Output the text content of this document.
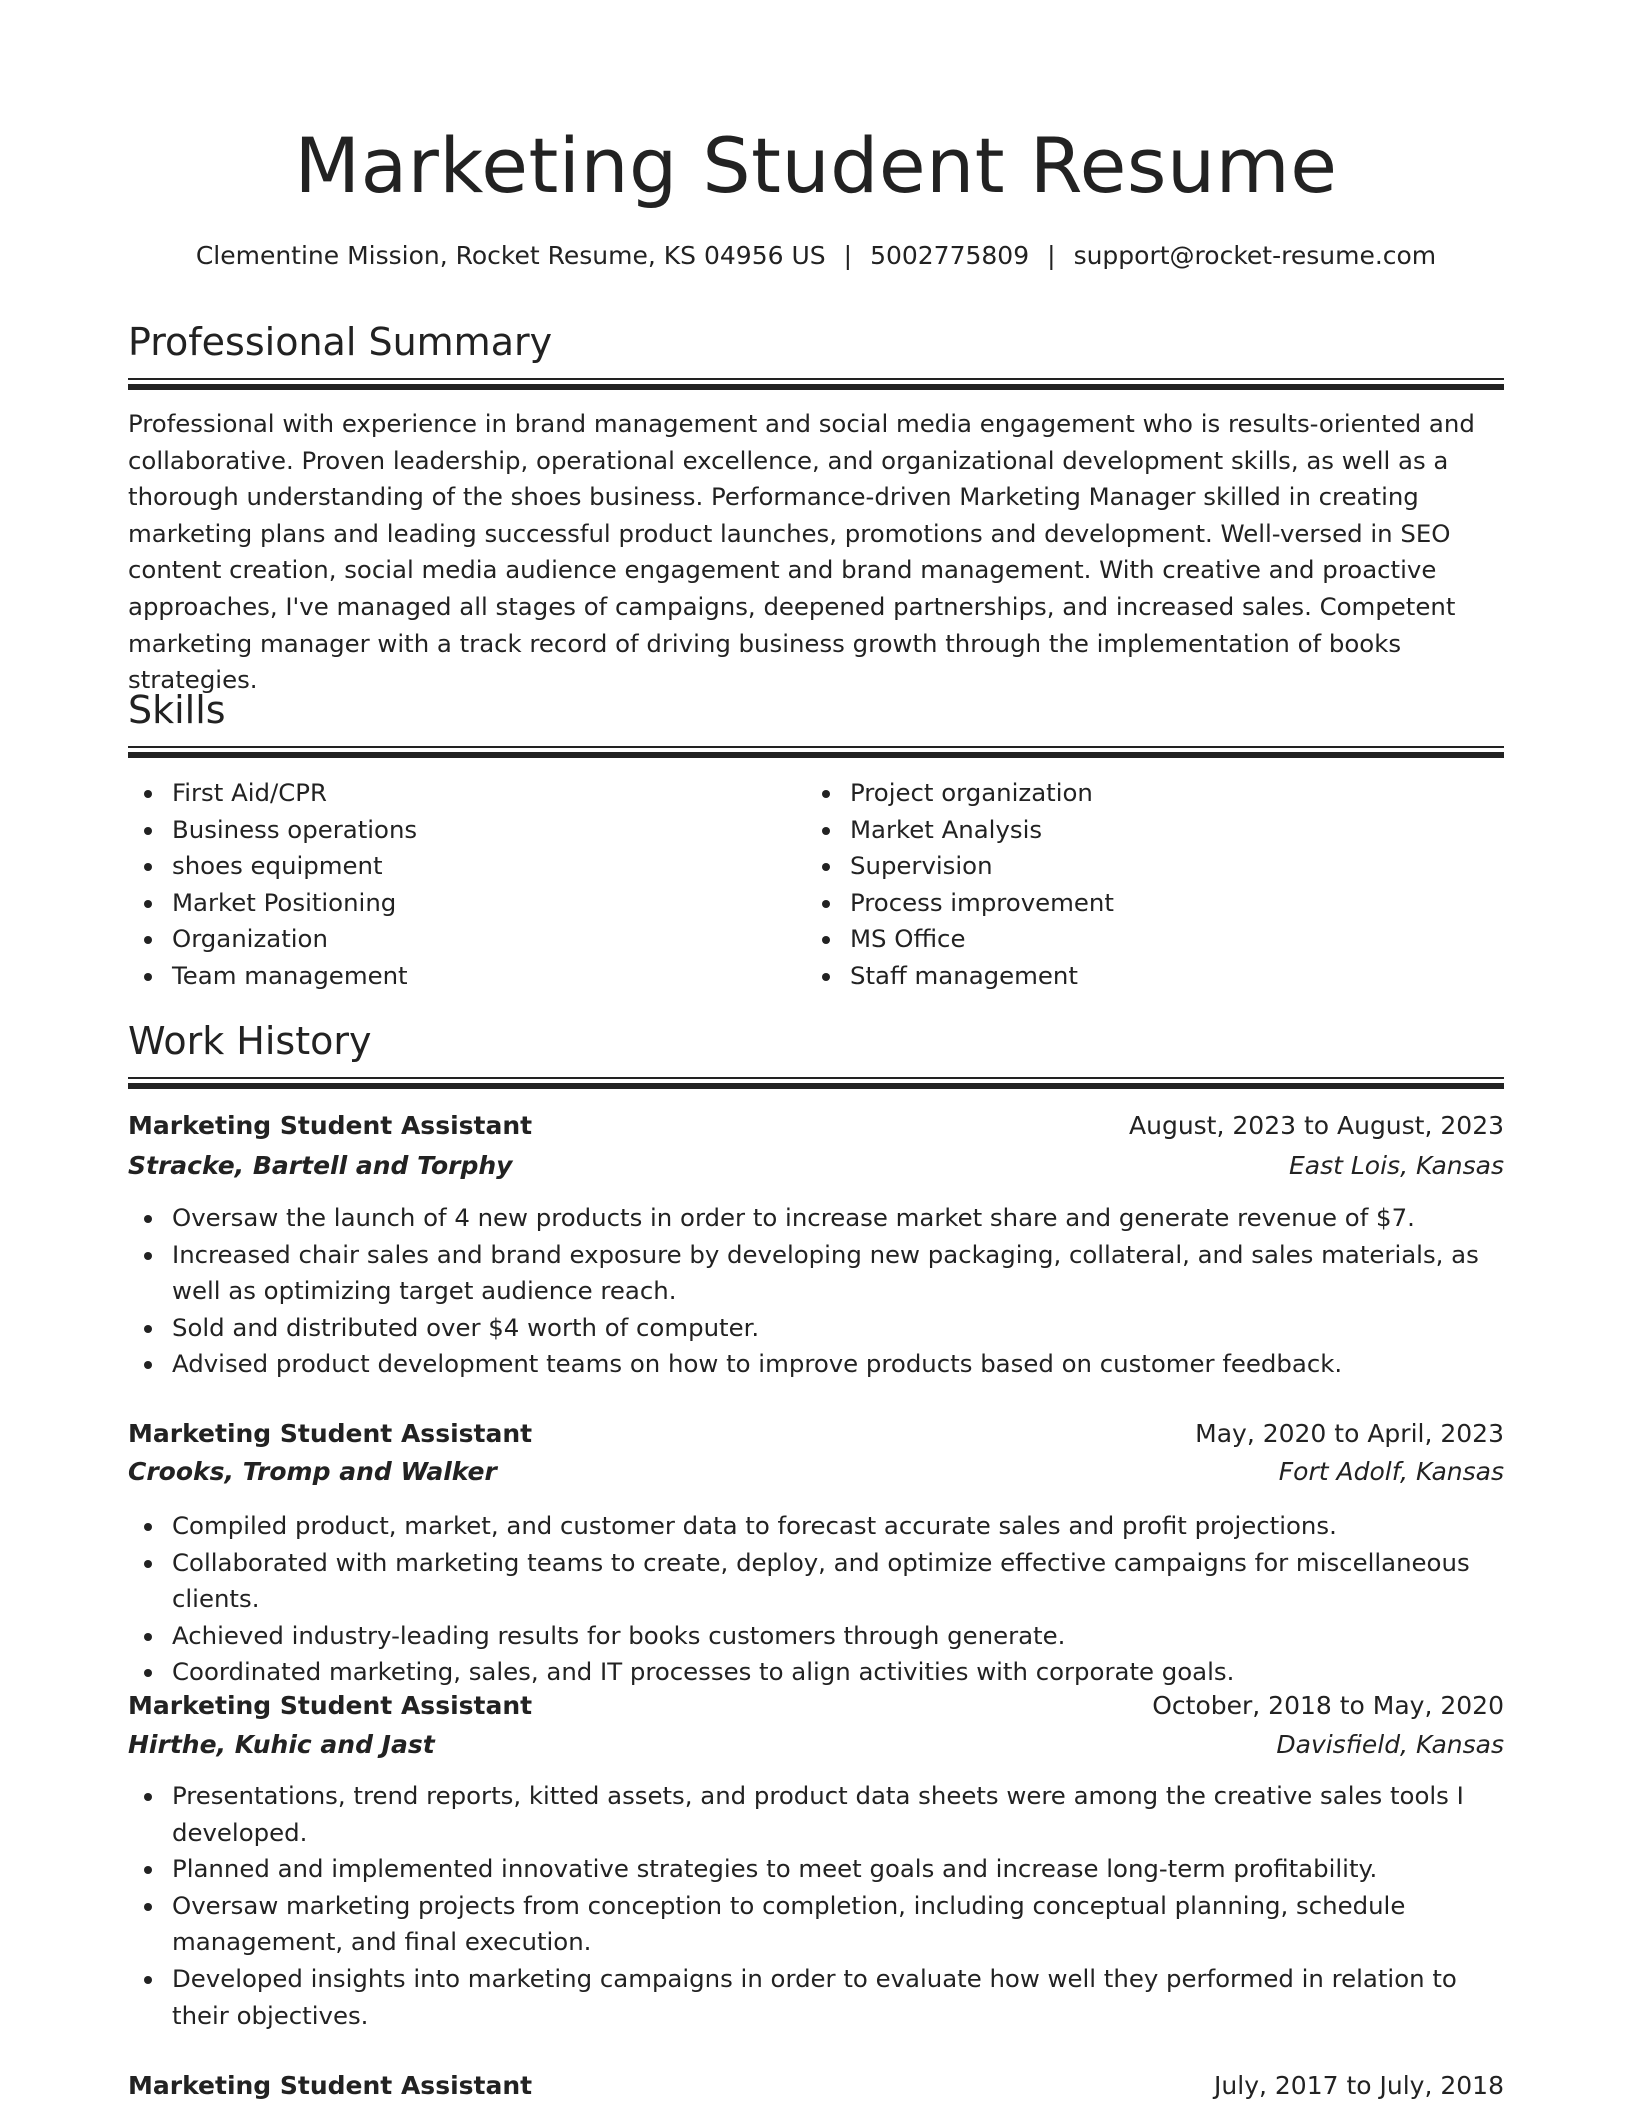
Marketing Student Resume
Clementine Mission, Rocket Resume, KS 04956 US | 5002775809 | support@rocket-resume.com
Professional Summary

Professional with experience in brand management and social media engagement who is results-oriented and collaborative. Proven leadership, operational excellence, and organizational development skills, as well as a thorough understanding of the shoes business. Performance-driven Marketing Manager skilled in creating marketing plans and leading successful product launches, promotions and development. Well-versed in SEO content creation, social media audience engagement and brand management. With creative and proactive approaches, I've managed all stages of campaigns, deepened partnerships, and increased sales. Competent marketing manager with a track record of driving business growth through the implementation of books strategies.

Skills
First Aid/CPR
Business operations
shoes equipment
Market Positioning
Organization
Team management
Project organization
Market Analysis
Supervision
Process improvement
MS Office
Staff management
Work History
Marketing Student Assistant	August, 2023 to August, 2023
Stracke, Bartell and Torphy	East Lois, Kansas
Oversaw the launch of 4 new products in order to increase market share and generate revenue of $7.
Increased chair sales and brand exposure by developing new packaging, collateral, and sales materials, as well as optimizing target audience reach.
Sold and distributed over $4 worth of computer.
Advised product development teams on how to improve products based on customer feedback.
Marketing Student Assistant	May, 2020 to April, 2023
Crooks, Tromp and Walker	Fort Adolf, Kansas
Compiled product, market, and customer data to forecast accurate sales and profit projections.
Collaborated with marketing teams to create, deploy, and optimize effective campaigns for miscellaneous clients.
Achieved industry-leading results for books customers through generate.
Coordinated marketing, sales, and IT processes to align activities with corporate goals.
Marketing Student Assistant	October, 2018 to May, 2020
Hirthe, Kuhic and Jast	Davisfield, Kansas
Presentations, trend reports, kitted assets, and product data sheets were among the creative sales tools I developed.
Planned and implemented innovative strategies to meet goals and increase long-term profitability.
Oversaw marketing projects from conception to completion, including conceptual planning, schedule management, and final execution.
Developed insights into marketing campaigns in order to evaluate how well they performed in relation to their objectives.
Marketing Student Assistant	July, 2017 to July, 2018
